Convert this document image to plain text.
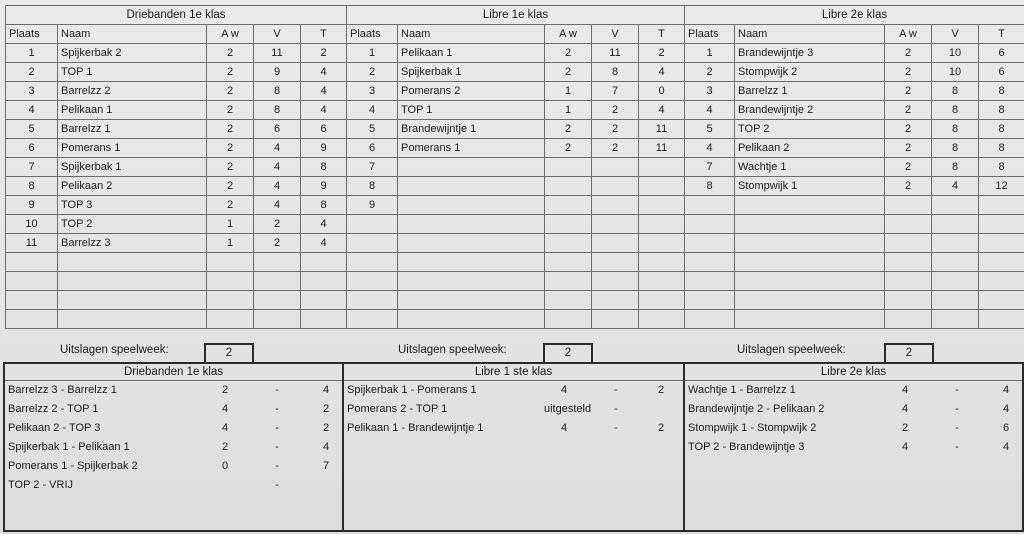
Driebanden 1e klas				
Plaats	Naam	A w	V	T
1	Spijkerbak 2	2	11	2
2	TOP 1	2	9	4
3	Barrelzz 2	2	8	4
4	Pelikaan 1	2	8	4
5	Barrelzz 1	2	6	6
6	Pomerans 1	2	4	9
7	Spijkerbak 1	2	4	8
8	Pelikaan 2	2	4	9
9	TOP 3	2	4	8
10	TOP 2	1	2	4
11	Barrelzz 3	1	2	4

Libre 1e klas				
Plaats	Naam	A w	V	T
1	Pelikaan 1	2	11	2
2	Spijkerbak 1	2	8	4
3	Pomerans 2	1	7	0
4	TOP 1	1	2	4
5	Brandewijntje 1	2	2	11
6	Pomerans 1	2	2	11
7				
8				
9				

Libre 2e klas				
Plaats	Naam	A w	V	T
1	Brandewijntje 3	2	10	6
2	Stompwijk 2	2	10	6
3	Barrelzz 1	2	8	8
4	Brandewijntje 2	2	8	8
5	TOP 2	2	8	8
4	Pelikaan 2	2	8	8
7	Wachtje 1	2	8	8
8	Stompwijk 1	2	4	12

Uitslagen speelweek:	2	Uitslagen speelweek:	2	Uitslagen speelweek:	2
Driebanden 1e klas
Barrelzz 3 - Barrelzz 1	2	-	4
Barrelzz 2 - TOP 1	4	-	2
Pelikaan 2 - TOP 3	4	-	2
Spijkerbak 1 - Pelikaan 1	2	-	4
Pomerans 1 - Spijkerbak 2	0	-	7
TOP 2 - VRIJ	-
Libre 1 ste klas
Spijkerbak 1 - Pomerans 1	4	-	2
Pomerans 2 - TOP 1	uitgesteld	-
Pelikaan 1 - Brandewijntje 1	4	-	2
Libre 2e klas
Wachtje 1 - Barrelzz 1	4	-	4
Brandewijntje 2 - Pelikaan 2	4	-	4
Stompwijk 1 - Stompwijk 2	2	-	6
TOP 2 - Brandewijntje 3	4	-	4
